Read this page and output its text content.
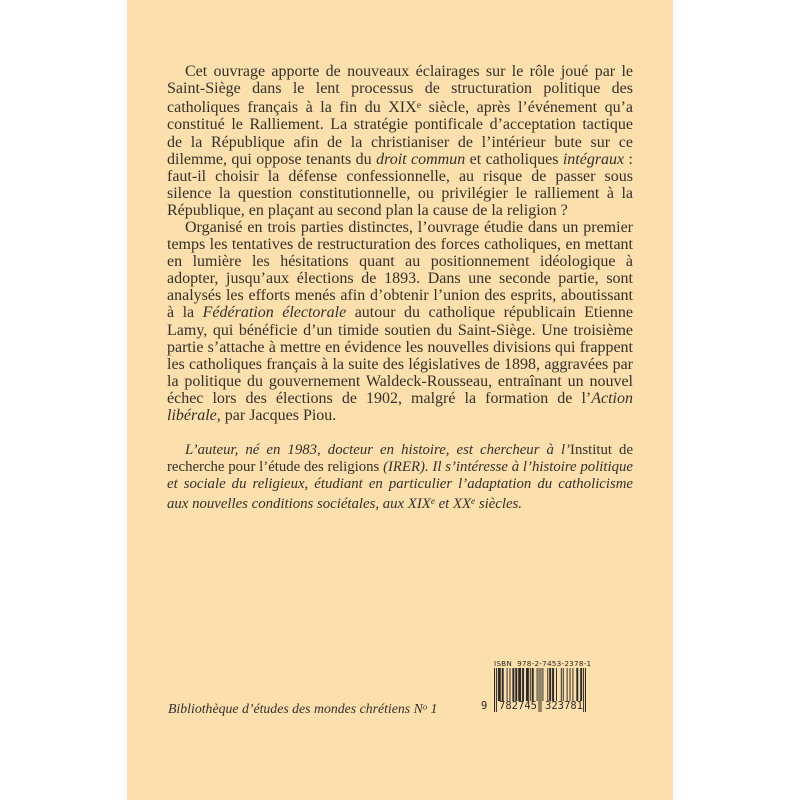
Cet ouvrage apporte de nouveaux éclairages sur le rôle joué par le Saint-Siège dans le lent processus de structuration politique des catholiques français à la fin du XIXe siècle, après l’événement qu’a constitué le Ralliement. La stratégie pontificale d’acceptation tactique de la République afin de la christianiser de l’intérieur bute sur ce dilemme, qui oppose tenants du droit commun et catholiques intégraux : faut-il choisir la défense confessionnelle, au risque de passer sous silence la question constitutionnelle, ou privilégier le ralliement à la République, en plaçant au second plan la cause de la religion ?

Organisé en trois parties distinctes, l’ouvrage étudie dans un premier temps les tentatives de restructuration des forces catholiques, en mettant en lumière les hésitations quant au positionnement idéologique à adopter, jusqu’aux élections de 1893. Dans une seconde partie, sont analysés les efforts menés afin d’obtenir l’union des esprits, aboutissant à la Fédération électorale autour du catholique républicain Etienne Lamy, qui bénéficie d’un timide soutien du Saint-Siège. Une troisième partie s’attache à mettre en évidence les nouvelles divisions qui frappent les catholiques français à la suite des législatives de 1898, aggravées par la politique du gouvernement Waldeck-Rousseau, entraînant un nouvel échec lors des élections de 1902, malgré la formation de l’Action libérale, par Jacques Piou.

L’auteur, né en 1983, docteur en histoire, est chercheur à l’Institut de recherche pour l’étude des religions (IRER). Il s’intéresse à l’histoire politique et sociale du religieux, étudiant en particulier l’adaptation du catholicisme aux nouvelles conditions sociétales, aux XIXe et XXe siècles.

Bibliothèque d’études des mondes chrétiens $N^o$ 1
ISBN  978-2-7453-2378-1
9	782745 323781
